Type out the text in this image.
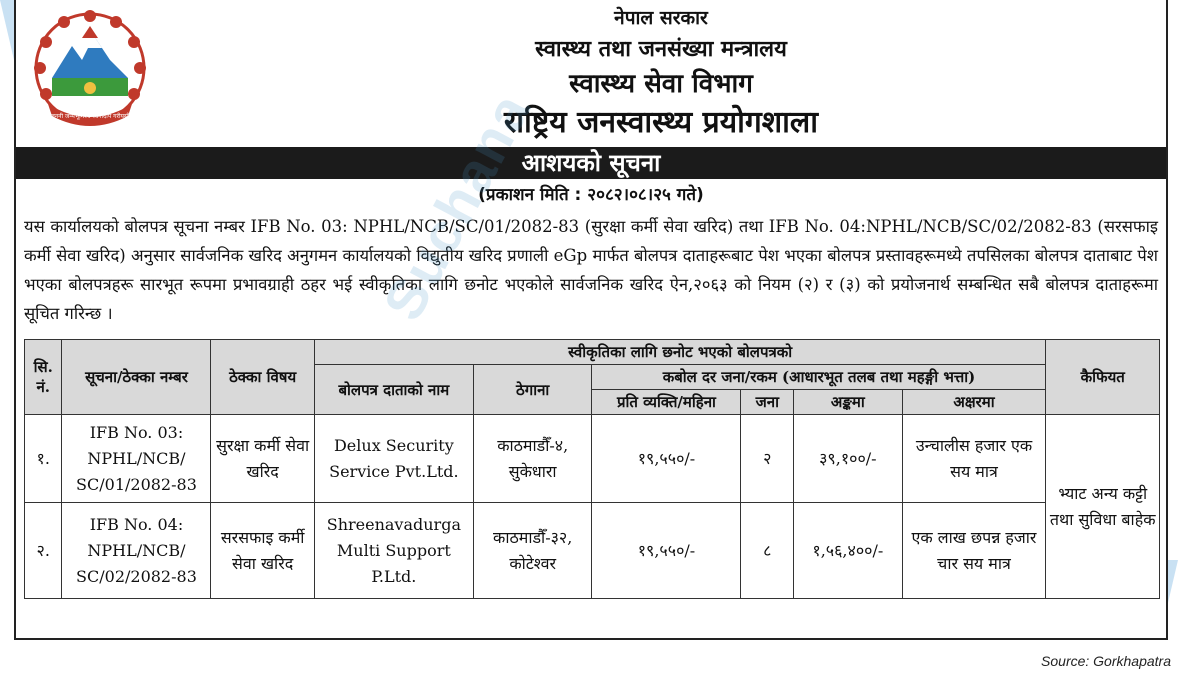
जननी जन्मभूमिश्च स्वर्गादपि गरीयसी
नेपाल सरकार
स्वास्थ्य तथा जनसंख्या मन्त्रालय
स्वास्थ्य सेवा विभाग
राष्ट्रिय जनस्वास्थ्य प्रयोगशाला
आशयको सूचना
(प्रकाशन मिति : २०८२।०८।२५ गते)
यस कार्यालयको बोलपत्र सूचना नम्बर IFB No. 03: NPHL/NCB/SC/01/2082-83 (सुरक्षा कर्मी सेवा खरिद) तथा IFB No. 04:NPHL/NCB/SC/02/2082-83 (सरसफाइ कर्मी सेवा खरिद) अनुसार सार्वजनिक खरिद अनुगमन कार्यालयको विद्युतीय खरिद प्रणाली eGp मार्फत बोलपत्र दाताहरूबाट पेश भएका बोलपत्र प्रस्तावहरूमध्ये तपसिलका बोलपत्र दाताबाट पेश भएका बोलपत्रहरू सारभूत रूपमा प्रभावग्राही ठहर भई स्वीकृतिका लागि छनोट भएकोले सार्वजनिक खरिद ऐन,२०६३ को नियम (२) र (३) को प्रयोजनार्थ सम्बन्धित सबै बोलपत्र दाताहरूमा सूचित गरिन्छ ।
सि. नं.	सूचना/ठेक्का नम्बर	ठेक्का विषय	स्वीकृतिका लागि छनोट भएको बोलपत्रको						कैफियत
			बोलपत्र दाताको नाम	ठेगाना	कबोल दर जना/रकम (आधारभूत तलब तथा महङ्गी भत्ता)				
					प्रति व्यक्ति/महिना	जना	अङ्कमा	अक्षरमा	
१.	IFB No. 03: NPHL/NCB/ SC/01/2082-83	सुरक्षा कर्मी सेवा खरिद	Delux Security Service Pvt.Ltd.	काठमाडौँ-४, सुकेधारा	१९,५५०/-	२	३९,१००/-	उन्चालीस हजार एक सय मात्र	भ्याट अन्य कट्टी तथा सुविधा बाहेक
२.	IFB No. 04: NPHL/NCB/ SC/02/2082-83	सरसफाइ कर्मी सेवा खरिद	Shreenavadurga Multi Support P.Ltd.	काठमाडौँ-३२, कोटेश्वर	१९,५५०/-	८	१,५६,४००/-	एक लाख छपन्न हजार चार सय मात्र	
Source: Gorkhapatra
